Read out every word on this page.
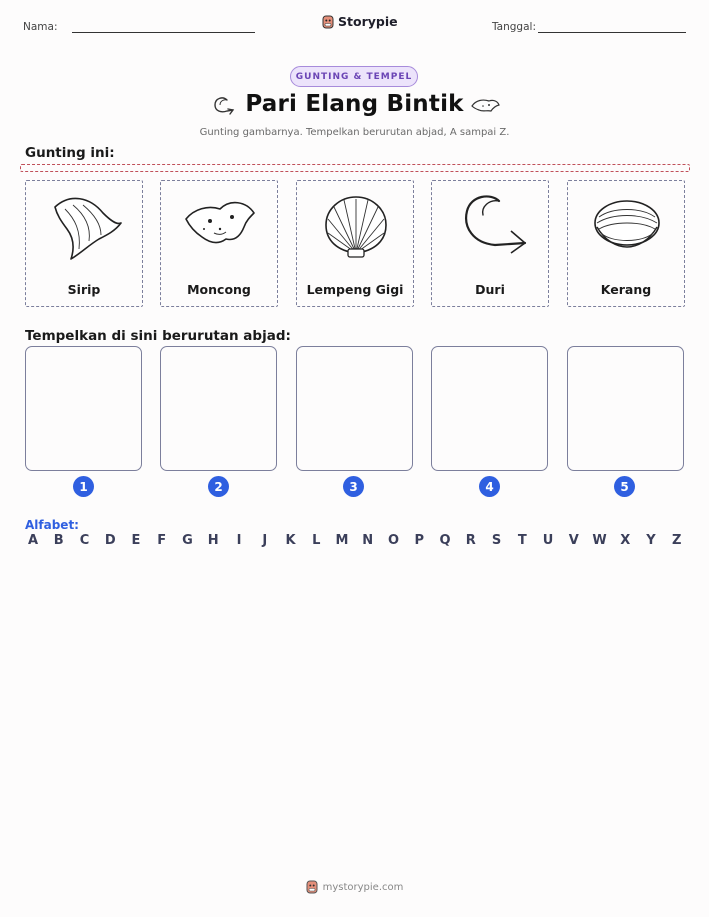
Nama:	Storypie	Tanggal:
GUNTING & TEMPEL
Pari Elang Bintik
Gunting gambarnya. Tempelkan berurutan abjad, A sampai Z.
Gunting ini:
Sirip	Moncong	Lempeng Gigi	Duri	Kerang
Tempelkan di sini berurutan abjad:
1	2	3	4	5
Alfabet:
A B C D E F G H	I	J	K L M N O P Q R S T U V W X Y Z
mystorypie.com
